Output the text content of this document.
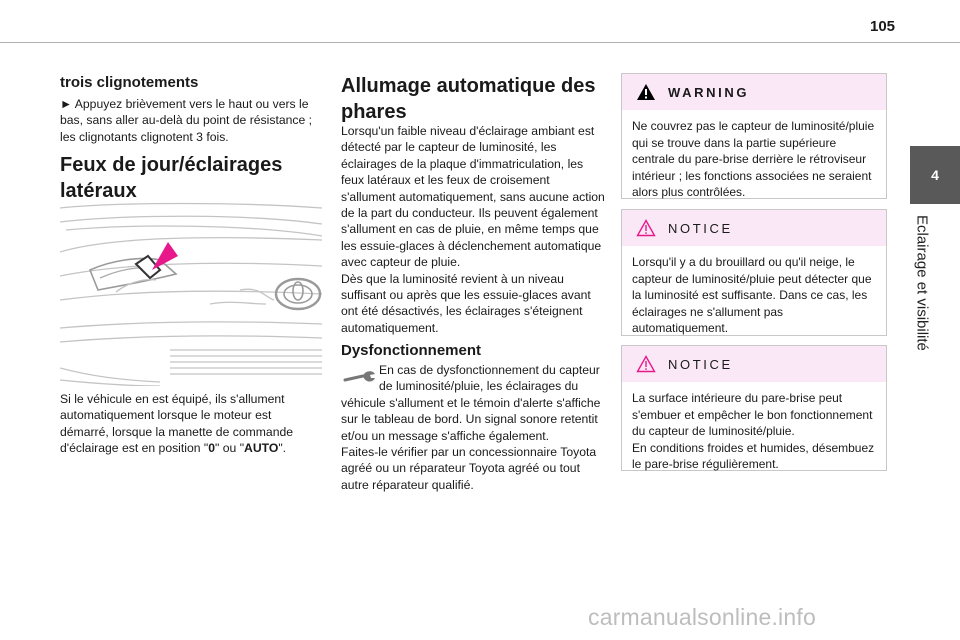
105
4
Eclairage et visibilité
trois clignotements
► Appuyez brièvement vers le haut ou vers le bas, sans aller au-delà du point de résistance ; les clignotants clignotent 3 fois.
Feux de jour/éclairages latéraux
Si le véhicule en est équipé, ils s'allument automatiquement lorsque le moteur est démarré, lorsque la manette de commande d'éclairage est en position "0" ou "AUTO".
Allumage automatique des phares
Lorsqu'un faible niveau d'éclairage ambiant est détecté par le capteur de luminosité, les éclairages de la plaque d'immatriculation, les feux latéraux et les feux de croisement s'allument automatiquement, sans aucune action de la part du conducteur. Ils peuvent également s'allument en cas de pluie, en même temps que les essuie-glaces à déclenchement automatique avec capteur de pluie.
Dès que la luminosité revient à un niveau suffisant ou après que les essuie-glaces avant ont été désactivés, les éclairages s'éteignent automatiquement.
Dysfonctionnement
En cas de dysfonctionnement du capteur
de luminosité/pluie, les éclairages du
véhicule s'allument et le témoin d'alerte s'affiche sur le tableau de bord. Un signal sonore retentit et/ou un message s'affiche également.
Faites-le vérifier par un concessionnaire Toyota agréé ou un réparateur Toyota agréé ou tout autre réparateur qualifié.
WARNING
Ne couvrez pas le capteur de luminosité/pluie qui se trouve dans la partie supérieure centrale du pare-brise derrière le rétroviseur intérieur ; les fonctions associées ne seraient alors plus contrôlées.
NOTICE
Lorsqu'il y a du brouillard ou qu'il neige, le capteur de luminosité/pluie peut détecter que la luminosité est suffisante. Dans ce cas, les éclairages ne s'allument pas automatiquement.
NOTICE
La surface intérieure du pare-brise peut s'embuer et empêcher le bon fonctionnement du capteur de luminosité/pluie.
En conditions froides et humides, désembuez le pare-brise régulièrement.
carmanualsonline.info
